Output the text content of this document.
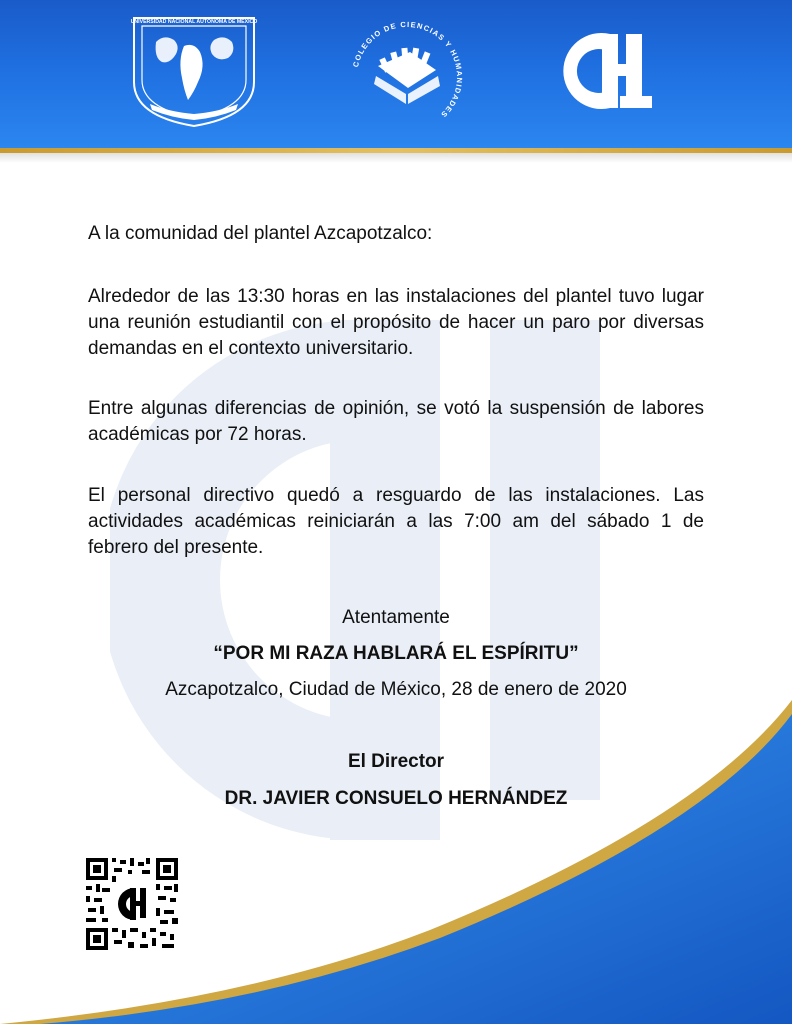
UNIVERSIDAD NACIONAL AUTÓNOMA DE MÉXICO
COLEGIO DE CIENCIAS Y HUMANIDADES

A la comunidad del plantel Azcapotzalco:

Alrededor de las 13:30 horas en las instalaciones del plantel tuvo lugar una reunión estudiantil con el propósito de hacer un paro por diversas demandas en el contexto universitario.

Entre algunas diferencias de opinión, se votó la suspensión de labores académicas por 72 horas.

El personal directivo quedó a resguardo de las instalaciones. Las actividades académicas reiniciarán a las 7:00 am del sábado 1 de febrero del presente.

Atentamente

“POR MI RAZA HABLARÁ EL ESPÍRITU”

Azcapotzalco, Ciudad de México, 28 de enero de 2020

El Director

DR. JAVIER CONSUELO HERNÁNDEZ
